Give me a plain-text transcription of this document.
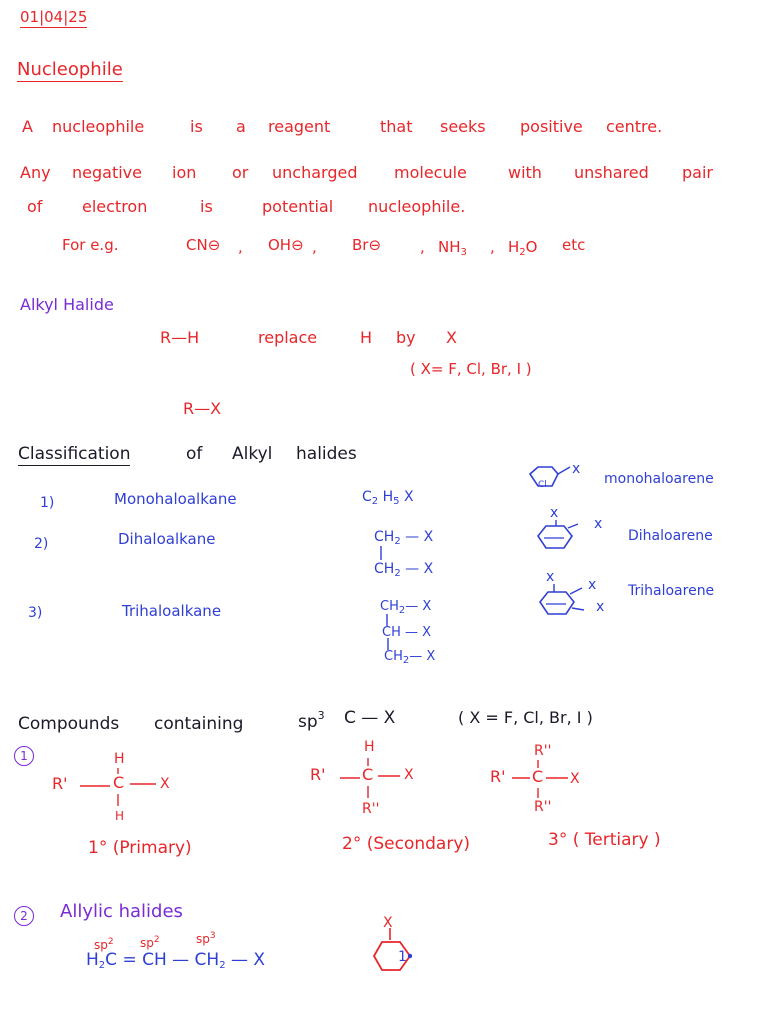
01|04|25
Nucleophile
A nucleophile	is a reagent	that seeks positive centre.
Any negative ion or uncharged molecule	with unshared pair
of electron	is	potential nucleophile.
For e.g.	CN⊖ , OH⊖ , Br⊖	, $NH_3$ , $H_2O$ etc
Alkyl Halide
R—H	replace	H by X
( X= F, Cl, Br, I )
R—X
Classification	of Alkyl halides
1)	Monohaloalkane	$C_2$ $H_5$ X
monohaloarene
2)	Dihaloalkane	$CH_2$ — X
$CH_2$ — X
Dihaloarene
3)	Trihaloalkane	$CH_2—$ X
CH — X
$CH_2—$ X
Trihaloarene
Cl
x
x
x
x x
x
Compounds containing	$sp^3$ C — X	( X = F, Cl, Br, I )
1	H
R'	C	X
H
H
R' C X
R''
R''
R' C X
R''
1° (Primary)	2° (Secondary)	3° ( Tertiary )
2	Allylic halides
$sp^2$ $sp^2$	$sp^3$
$H_2C$ = CH — $CH_2$ — X
X
1
